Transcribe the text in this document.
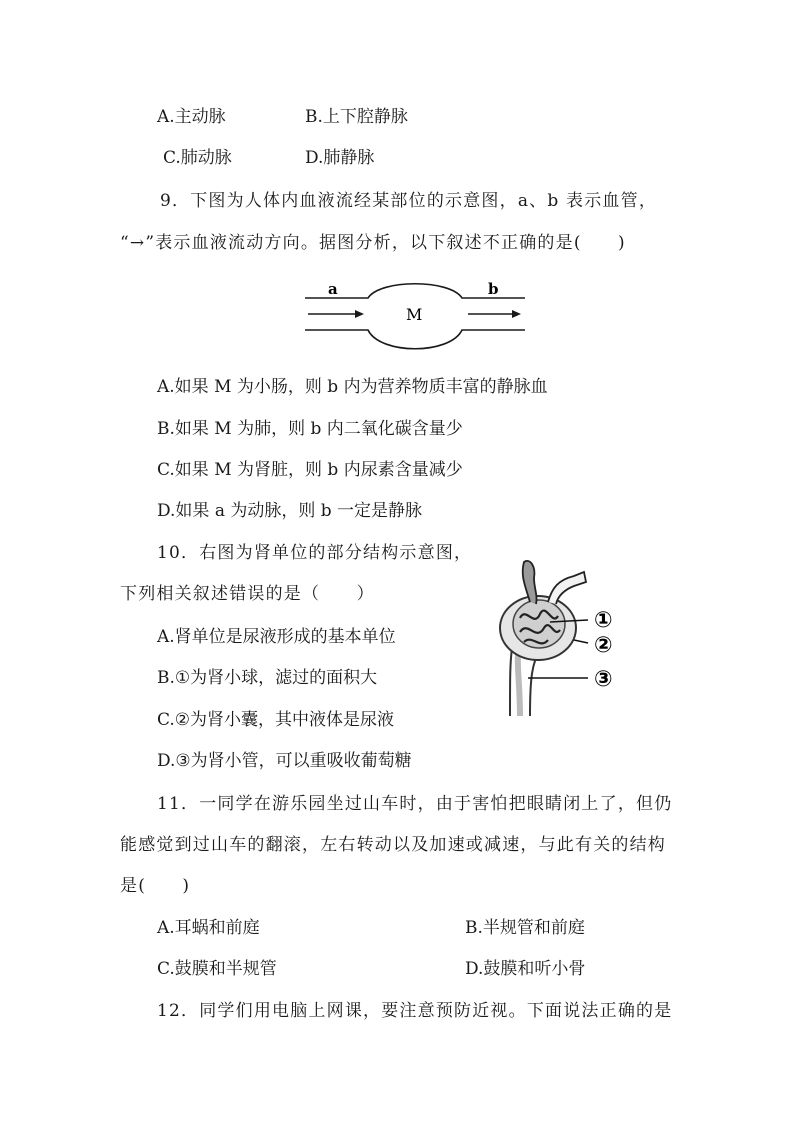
A.主动脉	B.上下腔静脉
C.肺动脉	D.肺静脉
9．下图为人体内血液流经某部位的示意图，a、b 表示血管，
“→”表示血液流动方向。据图分析，以下叙述不正确的是(　　)
a	b
M
A.如果 M 为小肠，则 b 内为营养物质丰富的静脉血
B.如果 M 为肺，则 b 内二氧化碳含量少
C.如果 M 为肾脏，则 b 内尿素含量减少
D.如果 a 为动脉，则 b 一定是静脉
10．右图为肾单位的部分结构示意图，
下列相关叙述错误的是（　　）
A.肾单位是尿液形成的基本单位
B.①为肾小球，滤过的面积大
C.②为肾小囊，其中液体是尿液
D.③为肾小管，可以重吸收葡萄糖
①
②
③
11．一同学在游乐园坐过山车时，由于害怕把眼睛闭上了，但仍
能感觉到过山车的翻滚，左右转动以及加速或减速，与此有关的结构
是(　　)
A.耳蜗和前庭	B.半规管和前庭
C.鼓膜和半规管	D.鼓膜和听小骨
12．同学们用电脑上网课，要注意预防近视。下面说法正确的是
